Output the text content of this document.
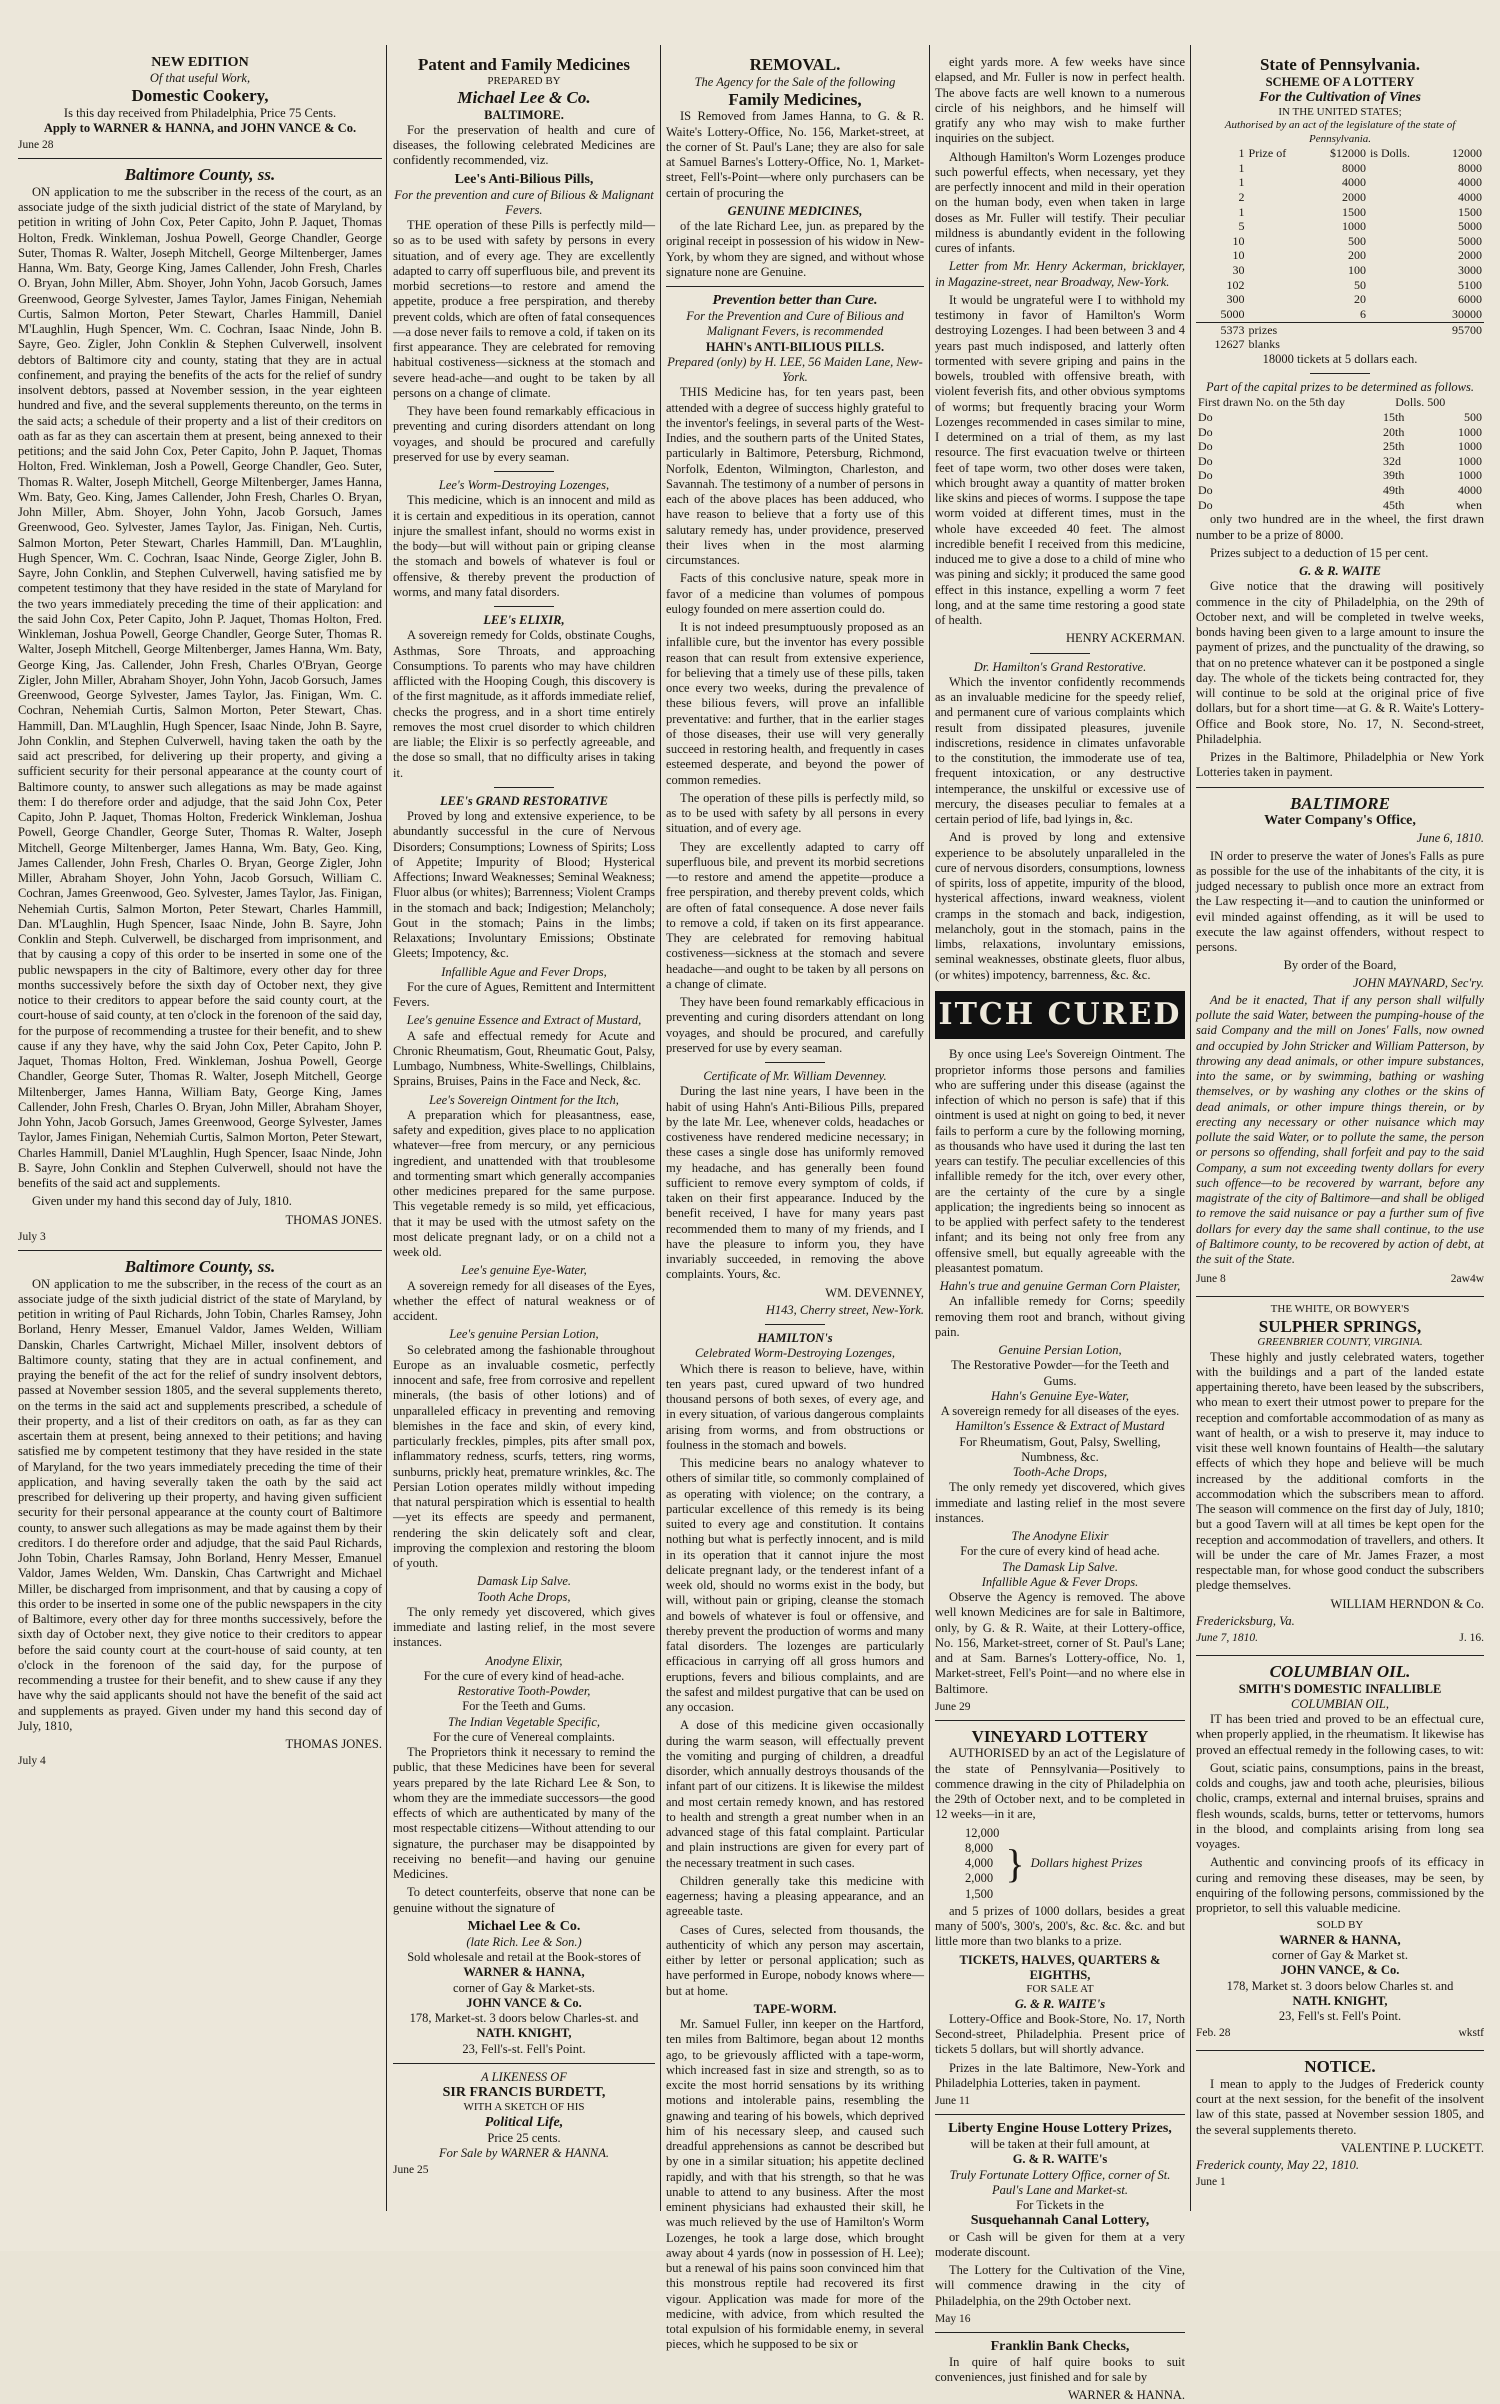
NEW EDITION
Of that useful Work,
Domestic Cookery,
Is this day received from Philadelphia, Price 75 Cents.
Apply to WARNER & HANNA, and JOHN VANCE & Co.
June 28
Baltimore County, ss.
ON application to me the subscriber in the recess of the court, as an associate judge of the sixth judicial district of the state of Maryland, by petition in writing of John Cox, Peter Capito, John P. Jaquet, Thomas Holton, Fredk. Winkleman, Joshua Powell, George Chandler, George Suter, Thomas R. Walter, Joseph Mitchell, George Miltenberger, James Hanna, Wm. Baty, George King, James Callender, John Fresh, Charles O. Bryan, John Miller, Abm. Shoyer, John Yohn, Jacob Gorsuch, James Greenwood, George Sylvester, James Taylor, James Finigan, Nehemiah Curtis, Salmon Morton, Peter Stewart, Charles Hammill, Daniel M'Laughlin, Hugh Spencer, Wm. C. Cochran, Isaac Ninde, John B. Sayre, Geo. Zigler, John Conklin & Stephen Culverwell, insolvent debtors of Baltimore city and county, stating that they are in actual confinement, and praying the benefits of the acts for the relief of sundry insolvent debtors, passed at November session, in the year eighteen hundred and five, and the several supplements thereunto, on the terms in the said acts; a schedule of their property and a list of their creditors on oath as far as they can ascertain them at present, being annexed to their petitions; and the said John Cox, Peter Capito, John P. Jaquet, Thomas Holton, Fred. Winkleman, Josh a Powell, George Chandler, Geo. Suter, Thomas R. Walter, Joseph Mitchell, George Miltenberger, James Hanna, Wm. Baty, Geo. King, James Callender, John Fresh, Charles O. Bryan, John Miller, Abm. Shoyer, John Yohn, Jacob Gorsuch, James Greenwood, Geo. Sylvester, James Taylor, Jas. Finigan, Neh. Curtis, Salmon Morton, Peter Stewart, Charles Hammill, Dan. M'Laughlin, Hugh Spencer, Wm. C. Cochran, Isaac Ninde, George Zigler, John B. Sayre, John Conklin, and Stephen Culverwell, having satisfied me by competent testimony that they have resided in the state of Maryland for the two years immediately preceding the time of their application: and the said John Cox, Peter Capito, John P. Jaquet, Thomas Holton, Fred. Winkleman, Joshua Powell, George Chandler, George Suter, Thomas R. Walter, Joseph Mitchell, George Miltenberger, James Hanna, Wm. Baty, George King, Jas. Callender, John Fresh, Charles O'Bryan, George Zigler, John Miller, Abraham Shoyer, John Yohn, Jacob Gorsuch, James Greenwood, George Sylvester, James Taylor, Jas. Finigan, Wm. C. Cochran, Nehemiah Curtis, Salmon Morton, Peter Stewart, Chas. Hammill, Dan. M'Laughlin, Hugh Spencer, Isaac Ninde, John B. Sayre, John Conklin, and Stephen Culverwell, having taken the oath by the said act prescribed, for delivering up their property, and giving a sufficient security for their personal appearance at the county court of Baltimore county, to answer such allegations as may be made against them: I do therefore order and adjudge, that the said John Cox, Peter Capito, John P. Jaquet, Thomas Holton, Frederick Winkleman, Joshua Powell, George Chandler, George Suter, Thomas R. Walter, Joseph Mitchell, George Miltenberger, James Hanna, Wm. Baty, Geo. King, James Callender, John Fresh, Charles O. Bryan, George Zigler, John Miller, Abraham Shoyer, John Yohn, Jacob Gorsuch, William C. Cochran, James Greenwood, Geo. Sylvester, James Taylor, Jas. Finigan, Nehemiah Curtis, Salmon Morton, Peter Stewart, Charles Hammill, Dan. M'Laughlin, Hugh Spencer, Isaac Ninde, John B. Sayre, John Conklin and Steph. Culverwell, be discharged from imprisonment, and that by causing a copy of this order to be inserted in some one of the public newspapers in the city of Baltimore, every other day for three months successively before the sixth day of October next, they give notice to their creditors to appear before the said county court, at the court-house of said county, at ten o'clock in the forenoon of the said day, for the purpose of recommending a trustee for their benefit, and to shew cause if any they have, why the said John Cox, Peter Capito, John P. Jaquet, Thomas Holton, Fred. Winkleman, Joshua Powell, George Chandler, George Suter, Thomas R. Walter, Joseph Mitchell, George Miltenberger, James Hanna, William Baty, George King, James Callender, John Fresh, Charles O. Bryan, John Miller, Abraham Shoyer, John Yohn, Jacob Gorsuch, James Greenwood, George Sylvester, James Taylor, James Finigan, Nehemiah Curtis, Salmon Morton, Peter Stewart, Charles Hammill, Daniel M'Laughlin, Hugh Spencer, Isaac Ninde, John B. Sayre, John Conklin and Stephen Culverwell, should not have the benefits of the said act and supplements.
Given under my hand this second day of July, 1810.
THOMAS JONES.
July 3
Baltimore County, ss.
ON application to me the subscriber, in the recess of the court as an associate judge of the sixth judicial district of the state of Maryland, by petition in writing of Paul Richards, John Tobin, Charles Ramsey, John Borland, Henry Messer, Emanuel Valdor, James Welden, William Danskin, Charles Cartwright, Michael Miller, insolvent debtors of Baltimore county, stating that they are in actual confinement, and praying the benefit of the act for the relief of sundry insolvent debtors, passed at November session 1805, and the several supplements thereto, on the terms in the said act and supplements prescribed, a schedule of their property, and a list of their creditors on oath, as far as they can ascertain them at present, being annexed to their petitions; and having satisfied me by competent testimony that they have resided in the state of Maryland, for the two years immediately preceding the time of their application, and having severally taken the oath by the said act prescribed for delivering up their property, and having given sufficient security for their personal appearance at the county court of Baltimore county, to answer such allegations as may be made against them by their creditors. I do therefore order and adjudge, that the said Paul Richards, John Tobin, Charles Ramsay, John Borland, Henry Messer, Emanuel Valdor, James Welden, Wm. Danskin, Chas Cartwright and Michael Miller, be discharged from imprisonment, and that by causing a copy of this order to be inserted in some one of the public newspapers in the city of Baltimore, every other day for three months successively, before the sixth day of October next, they give notice to their creditors to appear before the said county court at the court-house of said county, at ten o'clock in the forenoon of the said day, for the purpose of recommending a trustee for their benefit, and to shew cause if any they have why the said applicants should not have the benefit of the said act and supplements as prayed. Given under my hand this second day of July, 1810,
THOMAS JONES.
July 4
Patent and Family Medicines
PREPARED BY
Michael Lee & Co.
BALTIMORE.
For the preservation of health and cure of diseases, the following celebrated Medicines are confidently recommended, viz.
Lee's Anti-Bilious Pills,
For the prevention and cure of Bilious & Malignant Fevers.
THE operation of these Pills is perfectly mild—so as to be used with safety by persons in every situation, and of every age. They are excellently adapted to carry off superfluous bile, and prevent its morbid secretions—to restore and amend the appetite, produce a free perspiration, and thereby prevent colds, which are often of fatal consequences—a dose never fails to remove a cold, if taken on its first appearance. They are celebrated for removing habitual costiveness—sickness at the stomach and severe head-ache—and ought to be taken by all persons on a change of climate.
They have been found remarkably efficacious in preventing and curing disorders attendant on long voyages, and should be procured and carefully preserved for use by every seaman.
Lee's Worm-Destroying Lozenges,
This medicine, which is an innocent and mild as it is certain and expeditious in its operation, cannot injure the smallest infant, should no worms exist in the body—but will without pain or griping cleanse the stomach and bowels of whatever is foul or offensive, & thereby prevent the production of worms, and many fatal disorders.
LEE's ELIXIR,
A sovereign remedy for Colds, obstinate Coughs, Asthmas, Sore Throats, and approaching Consumptions. To parents who may have children afflicted with the Hooping Cough, this discovery is of the first magnitude, as it affords immediate relief, checks the progress, and in a short time entirely removes the most cruel disorder to which children are liable; the Elixir is so perfectly agreeable, and the dose so small, that no difficulty arises in taking it.
LEE's GRAND RESTORATIVE
Proved by long and extensive experience, to be abundantly successful in the cure of Nervous Disorders; Consumptions; Lowness of Spirits; Loss of Appetite; Impurity of Blood; Hysterical Affections; Inward Weaknesses; Seminal Weakness; Fluor albus (or whites); Barrenness; Violent Cramps in the stomach and back; Indigestion; Melancholy; Gout in the stomach; Pains in the limbs; Relaxations; Involuntary Emissions; Obstinate Gleets; Impotency, &c.
Infallible Ague and Fever Drops,
For the cure of Agues, Remittent and Intermittent Fevers.
Lee's genuine Essence and Extract of Mustard,
A safe and effectual remedy for Acute and Chronic Rheumatism, Gout, Rheumatic Gout, Palsy, Lumbago, Numbness, White-Swellings, Chilblains, Sprains, Bruises, Pains in the Face and Neck, &c.
Lee's Sovereign Ointment for the Itch,
A preparation which for pleasantness, ease, safety and expedition, gives place to no application whatever—free from mercury, or any pernicious ingredient, and unattended with that troublesome and tormenting smart which generally accompanies other medicines prepared for the same purpose. This vegetable remedy is so mild, yet efficacious, that it may be used with the utmost safety on the most delicate pregnant lady, or on a child not a week old.
Lee's genuine Eye-Water,
A sovereign remedy for all diseases of the Eyes, whether the effect of natural weakness or of accident.
Lee's genuine Persian Lotion,
So celebrated among the fashionable throughout Europe as an invaluable cosmetic, perfectly innocent and safe, free from corrosive and repellent minerals, (the basis of other lotions) and of unparalleled efficacy in preventing and removing blemishes in the face and skin, of every kind, particularly freckles, pimples, pits after small pox, inflammatory redness, scurfs, tetters, ring worms, sunburns, prickly heat, premature wrinkles, &c. The Persian Lotion operates mildly without impeding that natural perspiration which is essential to health—yet its effects are speedy and permanent, rendering the skin delicately soft and clear, improving the complexion and restoring the bloom of youth.
Damask Lip Salve.
Tooth Ache Drops,
The only remedy yet discovered, which gives immediate and lasting relief, in the most severe instances.
Anodyne Elixir,
For the cure of every kind of head-ache.
Restorative Tooth-Powder,
For the Teeth and Gums.
The Indian Vegetable Specific,
For the cure of Venereal complaints.
The Proprietors think it necessary to remind the public, that these Medicines have been for several years prepared by the late Richard Lee & Son, to whom they are the immediate successors—the good effects of which are authenticated by many of the most respectable citizens—Without attending to our signature, the purchaser may be disappointed by receiving no benefit—and having our genuine Medicines.
To detect counterfeits, observe that none can be genuine without the signature of
Michael Lee & Co.
(late Rich. Lee & Son.)
Sold wholesale and retail at the Book-stores of
WARNER & HANNA,
corner of Gay & Market-sts.
JOHN VANCE & Co.
178, Market-st. 3 doors below Charles-st. and
NATH. KNIGHT,
23, Fell's-st. Fell's Point.
A LIKENESS OF
SIR FRANCIS BURDETT,
WITH A SKETCH OF HIS
Political Life,
Price 25 cents.
For Sale by WARNER & HANNA.
June 25
REMOVAL.
The Agency for the Sale of the following
Family Medicines,
IS Removed from James Hanna, to G. & R. Waite's Lottery-Office, No. 156, Market-street, at the corner of St. Paul's Lane; they are also for sale at Samuel Barnes's Lottery-Office, No. 1, Market-street, Fell's-Point—where only purchasers can be certain of procuring the
GENUINE MEDICINES,
of the late Richard Lee, jun. as prepared by the original receipt in possession of his widow in New-York, by whom they are signed, and without whose signature none are Genuine.
Prevention better than Cure.
For the Prevention and Cure of Bilious and Malignant Fevers, is recommended
HAHN's ANTI-BILIOUS PILLS.
Prepared (only) by H. LEE, 56 Maiden Lane, New-York.
THIS Medicine has, for ten years past, been attended with a degree of success highly grateful to the inventor's feelings, in several parts of the West-Indies, and the southern parts of the United States, particularly in Baltimore, Petersburg, Richmond, Norfolk, Edenton, Wilmington, Charleston, and Savannah. The testimony of a number of persons in each of the above places has been adduced, who have reason to believe that a forty use of this salutary remedy has, under providence, preserved their lives when in the most alarming circumstances.
Facts of this conclusive nature, speak more in favor of a medicine than volumes of pompous eulogy founded on mere assertion could do.
It is not indeed presumptuously proposed as an infallible cure, but the inventor has every possible reason that can result from extensive experience, for believing that a timely use of these pills, taken once every two weeks, during the prevalence of these bilious fevers, will prove an infallible preventative: and further, that in the earlier stages of those diseases, their use will very generally succeed in restoring health, and frequently in cases esteemed desperate, and beyond the power of common remedies.
The operation of these pills is perfectly mild, so as to be used with safety by all persons in every situation, and of every age.
They are excellently adapted to carry off superfluous bile, and prevent its morbid secretions—to restore and amend the appetite—produce a free perspiration, and thereby prevent colds, which are often of fatal consequence. A dose never fails to remove a cold, if taken on its first appearance. They are celebrated for removing habitual costiveness—sickness at the stomach and severe headache—and ought to be taken by all persons on a change of climate.
They have been found remarkably efficacious in preventing and curing disorders attendant on long voyages, and should be procured, and carefully preserved for use by every seaman.
Certificate of Mr. William Devenney.
During the last nine years, I have been in the habit of using Hahn's Anti-Bilious Pills, prepared by the late Mr. Lee, whenever colds, headaches or costiveness have rendered medicine necessary; in these cases a single dose has uniformly removed my headache, and has generally been found sufficient to remove every symptom of colds, if taken on their first appearance. Induced by the benefit received, I have for many years past recommended them to many of my friends, and I have the pleasure to inform you, they have invariably succeeded, in removing the above complaints. Yours, &c.
WM. DEVENNEY,
H143, Cherry street, New-York.
HAMILTON's
Celebrated Worm-Destroying Lozenges,
Which there is reason to believe, have, within ten years past, cured upward of two hundred thousand persons of both sexes, of every age, and in every situation, of various dangerous complaints arising from worms, and from obstructions or foulness in the stomach and bowels.
This medicine bears no analogy whatever to others of similar title, so commonly complained of as operating with violence; on the contrary, a particular excellence of this remedy is its being suited to every age and constitution. It contains nothing but what is perfectly innocent, and is mild in its operation that it cannot injure the most delicate pregnant lady, or the tenderest infant of a week old, should no worms exist in the body, but will, without pain or griping, cleanse the stomach and bowels of whatever is foul or offensive, and thereby prevent the production of worms and many fatal disorders. The lozenges are particularly efficacious in carrying off all gross humors and eruptions, fevers and bilious complaints, and are the safest and mildest purgative that can be used on any occasion.
A dose of this medicine given occasionally during the warm season, will effectually prevent the vomiting and purging of children, a dreadful disorder, which annually destroys thousands of the infant part of our citizens. It is likewise the mildest and most certain remedy known, and has restored to health and strength a great number when in an advanced stage of this fatal complaint. Particular and plain instructions are given for every part of the necessary treatment in such cases.
Children generally take this medicine with eagerness; having a pleasing appearance, and an agreeable taste.
Cases of Cures, selected from thousands, the authenticity of which any person may ascertain, either by letter or personal application; such as have performed in Europe, nobody knows where—but at home.
TAPE-WORM.
Mr. Samuel Fuller, inn keeper on the Hartford, ten miles from Baltimore, began about 12 months ago, to be grievously afflicted with a tape-worm, which increased fast in size and strength, so as to excite the most horrid sensations by its writhing motions and intolerable pains, resembling the gnawing and tearing of his bowels, which deprived him of his necessary sleep, and caused such dreadful apprehensions as cannot be described but by one in a similar situation; his appetite declined rapidly, and with that his strength, so that he was unable to attend to any business. After the most eminent physicians had exhausted their skill, he was much relieved by the use of Hamilton's Worm Lozenges, he took a large dose, which brought away about 4 yards (now in possession of H. Lee); but a renewal of his pains soon convinced him that this monstrous reptile had recovered its first vigour. Application was made for more of the medicine, with advice, from which resulted the total expulsion of his formidable enemy, in several pieces, which he supposed to be six or
eight yards more. A few weeks have since elapsed, and Mr. Fuller is now in perfect health. The above facts are well known to a numerous circle of his neighbors, and he himself will gratify any who may wish to make further inquiries on the subject.
Although Hamilton's Worm Lozenges produce such powerful effects, when necessary, yet they are perfectly innocent and mild in their operation on the human body, even when taken in large doses as Mr. Fuller will testify. Their peculiar mildness is abundantly evident in the following cures of infants.
Letter from Mr. Henry Ackerman, bricklayer, in Magazine-street, near Broadway, New-York.
It would be ungrateful were I to withhold my testimony in favor of Hamilton's Worm destroying Lozenges. I had been between 3 and 4 years past much indisposed, and latterly often tormented with severe griping and pains in the bowels, troubled with offensive breath, with violent feverish fits, and other obvious symptoms of worms; but frequently bracing your Worm Lozenges recommended in cases similar to mine, I determined on a trial of them, as my last resource. The first evacuation twelve or thirteen feet of tape worm, two other doses were taken, which brought away a quantity of matter broken like skins and pieces of worms. I suppose the tape worm voided at different times, must in the whole have exceeded 40 feet. The almost incredible benefit I received from this medicine, induced me to give a dose to a child of mine who was pining and sickly; it produced the same good effect in this instance, expelling a worm 7 feet long, and at the same time restoring a good state of health.
HENRY ACKERMAN.
Dr. Hamilton's Grand Restorative.
Which the inventor confidently recommends as an invaluable medicine for the speedy relief, and permanent cure of various complaints which result from dissipated pleasures, juvenile indiscretions, residence in climates unfavorable to the constitution, the immoderate use of tea, frequent intoxication, or any destructive intemperance, the unskilful or excessive use of mercury, the diseases peculiar to females at a certain period of life, bad lyings in, &c.
And is proved by long and extensive experience to be absolutely unparalleled in the cure of nervous disorders, consumptions, lowness of spirits, loss of appetite, impurity of the blood, hysterical affections, inward weakness, violent cramps in the stomach and back, indigestion, melancholy, gout in the stomach, pains in the limbs, relaxations, involuntary emissions, seminal weaknesses, obstinate gleets, fluor albus, (or whites) impotency, barrenness, &c. &c.
ITCH CURED
By once using Lee's Sovereign Ointment. The proprietor informs those persons and families who are suffering under this disease (against the infection of which no person is safe) that if this ointment is used at night on going to bed, it never fails to perform a cure by the following morning, as thousands who have used it during the last ten years can testify. The peculiar excellencies of this infallible remedy for the itch, over every other, are the certainty of the cure by a single application; the ingredients being so innocent as to be applied with perfect safety to the tenderest infant; and its being not only free from any offensive smell, but equally agreeable with the pleasantest pomatum.
Hahn's true and genuine German Corn Plaister,
An infallible remedy for Corns; speedily removing them root and branch, without giving pain.
Genuine Persian Lotion,
The Restorative Powder—for the Teeth and Gums.
Hahn's Genuine Eye-Water,
A sovereign remedy for all diseases of the eyes.
Hamilton's Essence & Extract of Mustard
For Rheumatism, Gout, Palsy, Swelling, Numbness, &c.
Tooth-Ache Drops,
The only remedy yet discovered, which gives immediate and lasting relief in the most severe instances.
The Anodyne Elixir
For the cure of every kind of head ache.
The Damask Lip Salve.
Infallible Ague & Fever Drops.
Observe the Agency is removed. The above well known Medicines are for sale in Baltimore, only, by G. & R. Waite, at their Lottery-office, No. 156, Market-street, corner of St. Paul's Lane; and at Sam. Barnes's Lottery-office, No. 1, Market-street, Fell's Point—and no where else in Baltimore.
June 29
VINEYARD LOTTERY
AUTHORISED by an act of the Legislature of the state of Pennsylvania—Positively to commence drawing in the city of Philadelphia on the 29th of October next, and to be completed in 12 weeks—in it are,
12,000
8,000
4,000
2,000
1,500
} Dollars highest Prizes
and 5 prizes of 1000 dollars, besides a great many of 500's, 300's, 200's, &c. &c. &c. and but little more than two blanks to a prize.
TICKETS, HALVES, QUARTERS & EIGHTHS,
FOR SALE AT
G. & R. WAITE's
Lottery-Office and Book-Store, No. 17, North Second-street, Philadelphia. Present price of tickets 5 dollars, but will shortly advance.
Prizes in the late Baltimore, New-York and Philadelphia Lotteries, taken in payment.
June 11
Liberty Engine House Lottery Prizes,
will be taken at their full amount, at
G. & R. WAITE's
Truly Fortunate Lottery Office, corner of St. Paul's Lane and Market-st.
For Tickets in the
Susquehannah Canal Lottery,
or Cash will be given for them at a very moderate discount.
The Lottery for the Cultivation of the Vine, will commence drawing in the city of Philadelphia, on the 29th October next.
May 16
Franklin Bank Checks,
In quire of half quire books to suit conveniences, just finished and for sale by
WARNER & HANNA.
State of Pennsylvania.
SCHEME OF A LOTTERY
For the Cultivation of Vines
IN THE UNITED STATES;
Authorised by an act of the legislature of the state of Pennsylvania.
1	Prize of	$12000	is Dolls.	12000
1		8000		8000
1		4000		4000
2		2000		4000
1		1500		1500
5		1000		5000
10		500		5000
10		200		2000
30		100		3000
102		50		5100
300		20		6000
5000		6		30000
5373	prizes			95700
12627	blanks			
18000 tickets at 5 dollars each.
Part of the capital prizes to be determined as follows.
First drawn No. on the 5th day	Dolls. 500	
Do	15th	500
Do	20th	1000
Do	25th	1000
Do	32d	1000
Do	39th	1000
Do	49th	4000
Do	45th	when
only two hundred are in the wheel, the first drawn number to be a prize of 8000.
Prizes subject to a deduction of 15 per cent.
G. & R. WAITE
Give notice that the drawing will positively commence in the city of Philadelphia, on the 29th of October next, and will be completed in twelve weeks, bonds having been given to a large amount to insure the payment of prizes, and the punctuality of the drawing, so that on no pretence whatever can it be postponed a single day. The whole of the tickets being contracted for, they will continue to be sold at the original price of five dollars, but for a short time—at G. & R. Waite's Lottery-Office and Book store, No. 17, N. Second-street, Philadelphia.
Prizes in the Baltimore, Philadelphia or New York Lotteries taken in payment.
BALTIMORE
Water Company's Office,
June 6, 1810.
IN order to preserve the water of Jones's Falls as pure as possible for the use of the inhabitants of the city, it is judged necessary to publish once more an extract from the Law respecting it—and to caution the uninformed or evil minded against offending, as it will be used to execute the law against offenders, without respect to persons.
By order of the Board,
JOHN MAYNARD, Sec'ry.
And be it enacted, That if any person shall wilfully pollute the said Water, between the pumping-house of the said Company and the mill on Jones' Falls, now owned and occupied by John Stricker and William Patterson, by throwing any dead animals, or other impure substances, into the same, or by swimming, bathing or washing themselves, or by washing any clothes or the skins of dead animals, or other impure things therein, or by erecting any necessary or other nuisance which may pollute the said Water, or to pollute the same, the person or persons so offending, shall forfeit and pay to the said Company, a sum not exceeding twenty dollars for every such offence—to be recovered by warrant, before any magistrate of the city of Baltimore—and shall be obliged to remove the said nuisance or pay a further sum of five dollars for every day the same shall continue, to the use of Baltimore county, to be recovered by action of debt, at the suit of the State.
June 8	2aw4w
THE WHITE, OR BOWYER'S
SULPHER SPRINGS,
GREENBRIER COUNTY, VIRGINIA.
These highly and justly celebrated waters, together with the buildings and a part of the landed estate appertaining thereto, have been leased by the subscribers, who mean to exert their utmost power to prepare for the reception and comfortable accommodation of as many as want of health, or a wish to preserve it, may induce to visit these well known fountains of Health—the salutary effects of which they hope and believe will be much increased by the additional comforts in the accommodation which the subscribers mean to afford. The season will commence on the first day of July, 1810; but a good Tavern will at all times be kept open for the reception and accommodation of travellers, and others. It will be under the care of Mr. James Frazer, a most respectable man, for whose good conduct the subscribers pledge themselves.
WILLIAM HERNDON & Co.
Fredericksburg, Va.
June 7, 1810.	J. 16.
COLUMBIAN OIL.
SMITH'S DOMESTIC INFALLIBLE
COLUMBIAN OIL,
IT has been tried and proved to be an effectual cure, when properly applied, in the rheumatism. It likewise has proved an effectual remedy in the following cases, to wit:
Gout, sciatic pains, consumptions, pains in the breast, colds and coughs, jaw and tooth ache, pleurisies, bilious cholic, cramps, external and internal bruises, sprains and flesh wounds, scalds, burns, tetter or tettervoms, humors in the blood, and complaints arising from long sea voyages.
Authentic and convincing proofs of its efficacy in curing and removing these diseases, may be seen, by enquiring of the following persons, commissioned by the proprietor, to sell this valuable medicine.
SOLD BY
WARNER & HANNA,
corner of Gay & Market st.
JOHN VANCE, & Co.
178, Market st. 3 doors below Charles st. and
NATH. KNIGHT,
23, Fell's st. Fell's Point.
Feb. 28	wkstf
NOTICE.
I mean to apply to the Judges of Frederick county court at the next session, for the benefit of the insolvent law of this state, passed at November session 1805, and the several supplements thereto.
VALENTINE P. LUCKETT.
Frederick county, May 22, 1810.
June 1
